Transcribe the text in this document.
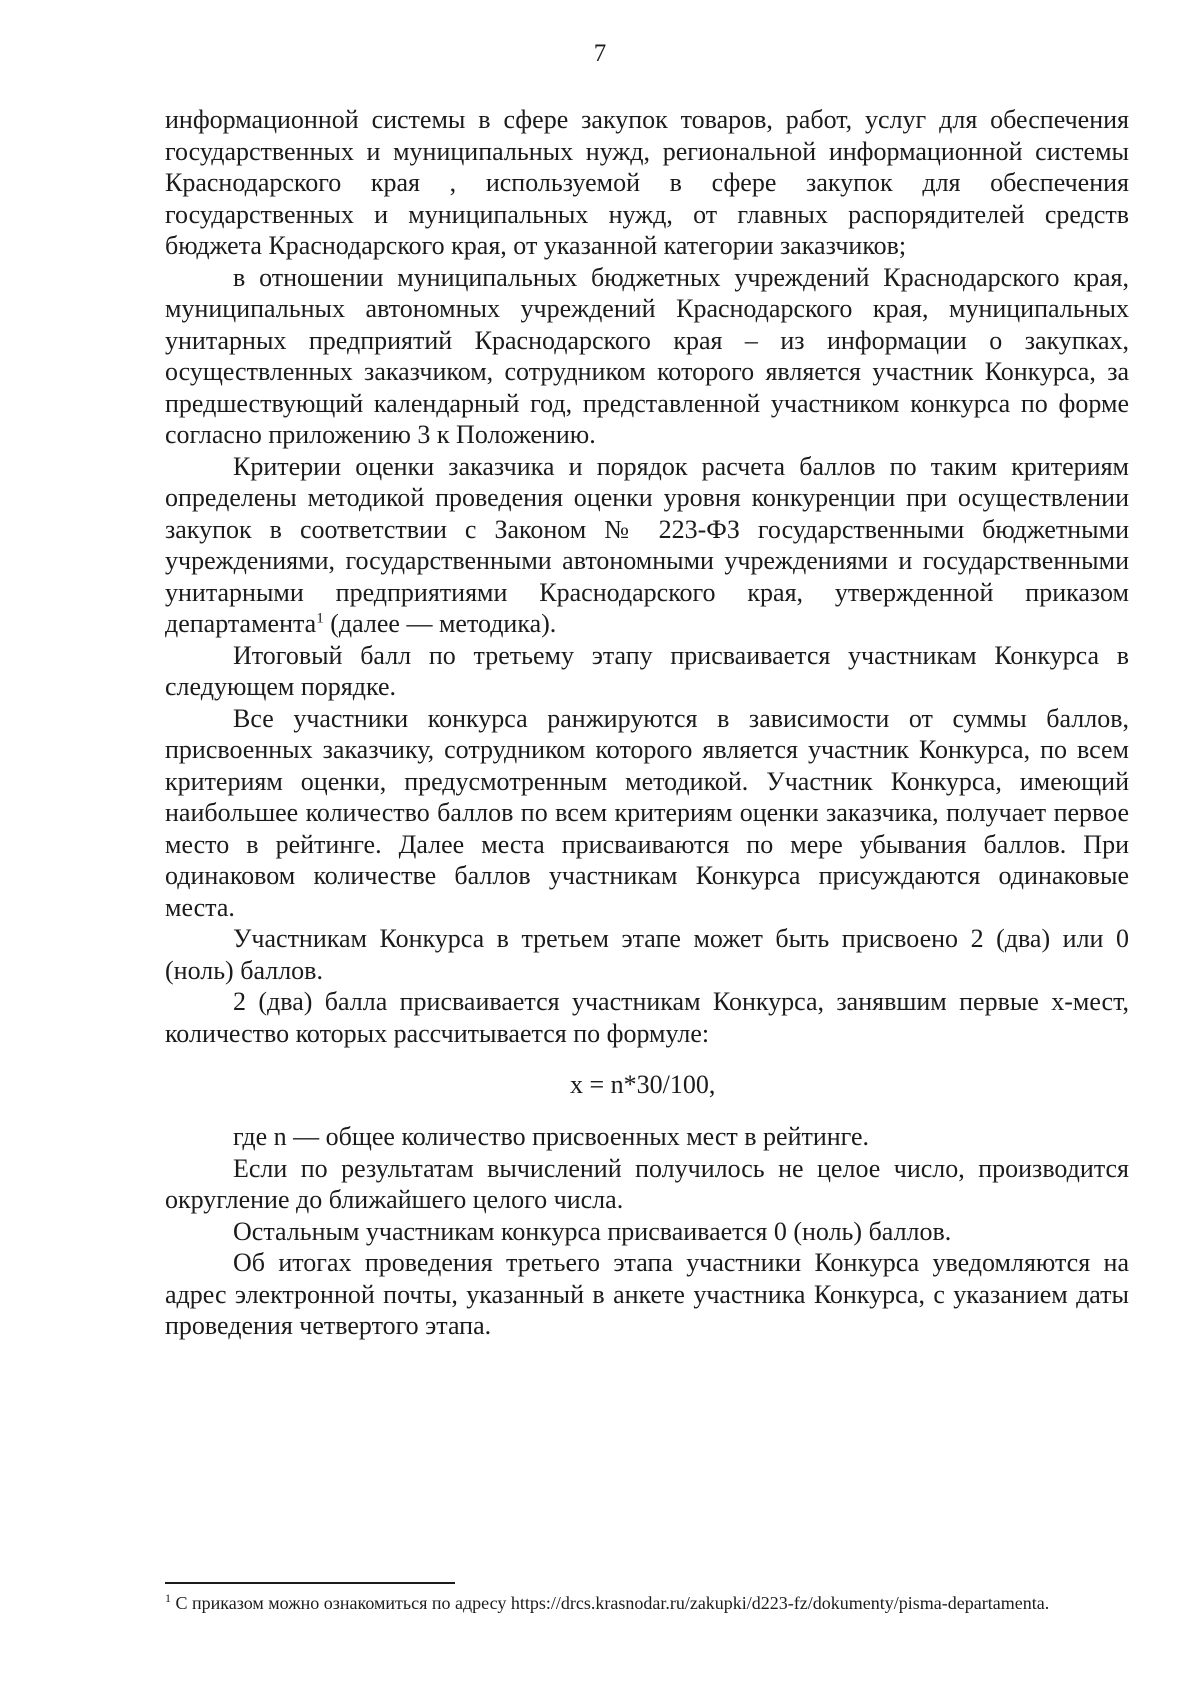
7

информационной системы в сфере закупок товаров, работ, услуг для обеспечения государственных и муниципальных нужд, региональной информационной системы Краснодарского края , используемой в сфере закупок для обеспечения государственных и муниципальных нужд, от главных распорядителей средств бюджета Краснодарского края, от указанной категории заказчиков;

в отношении муниципальных бюджетных учреждений Краснодарского края, муниципальных автономных учреждений Краснодарского края, муниципальных унитарных предприятий Краснодарского края – из информации о закупках, осуществленных заказчиком, сотрудником которого является участник Конкурса, за предшествующий календарный год, представленной участником конкурса по форме согласно приложению 3 к Положению.

Критерии оценки заказчика и порядок расчета баллов по таким критериям определены методикой проведения оценки уровня конкуренции при осуществлении закупок в соответствии с Законом № 223-ФЗ государственными бюджетными учреждениями, государственными автономными учреждениями и государственными унитарными предприятиями Краснодарского края, утвержденной приказом департамента$^1$ (далее — методика).

Итоговый балл по третьему этапу присваивается участникам Конкурса в следующем порядке.

Все участники конкурса ранжируются в зависимости от суммы баллов, присвоенных заказчику, сотрудником которого является участник Конкурса, по всем критериям оценки, предусмотренным методикой. Участник Конкурса, имеющий наибольшее количество баллов по всем критериям оценки заказчика, получает первое место в рейтинге. Далее места присваиваются по мере убывания баллов. При одинаковом количестве баллов участникам Конкурса присуждаются одинаковые места.

Участникам Конкурса в третьем этапе может быть присвоено 2 (два) или 0 (ноль) баллов.

2 (два) балла присваивается участникам Конкурса, занявшим первые x-мест, количество которых рассчитывается по формуле:

x = n*30/100,

где n — общее количество присвоенных мест в рейтинге.

Если по результатам вычислений получилось не целое число, производится округление до ближайшего целого числа.

Остальным участникам конкурса присваивается 0 (ноль) баллов.

Об итогах проведения третьего этапа участники Конкурса уведомляются на адрес электронной почты, указанный в анкете участника Конкурса, с указанием даты проведения четвертого этапа.

$^1$ С приказом можно ознакомиться по адресу https://drcs.krasnodar.ru/zakupki/d223-fz/dokumenty/pisma-departamenta.
